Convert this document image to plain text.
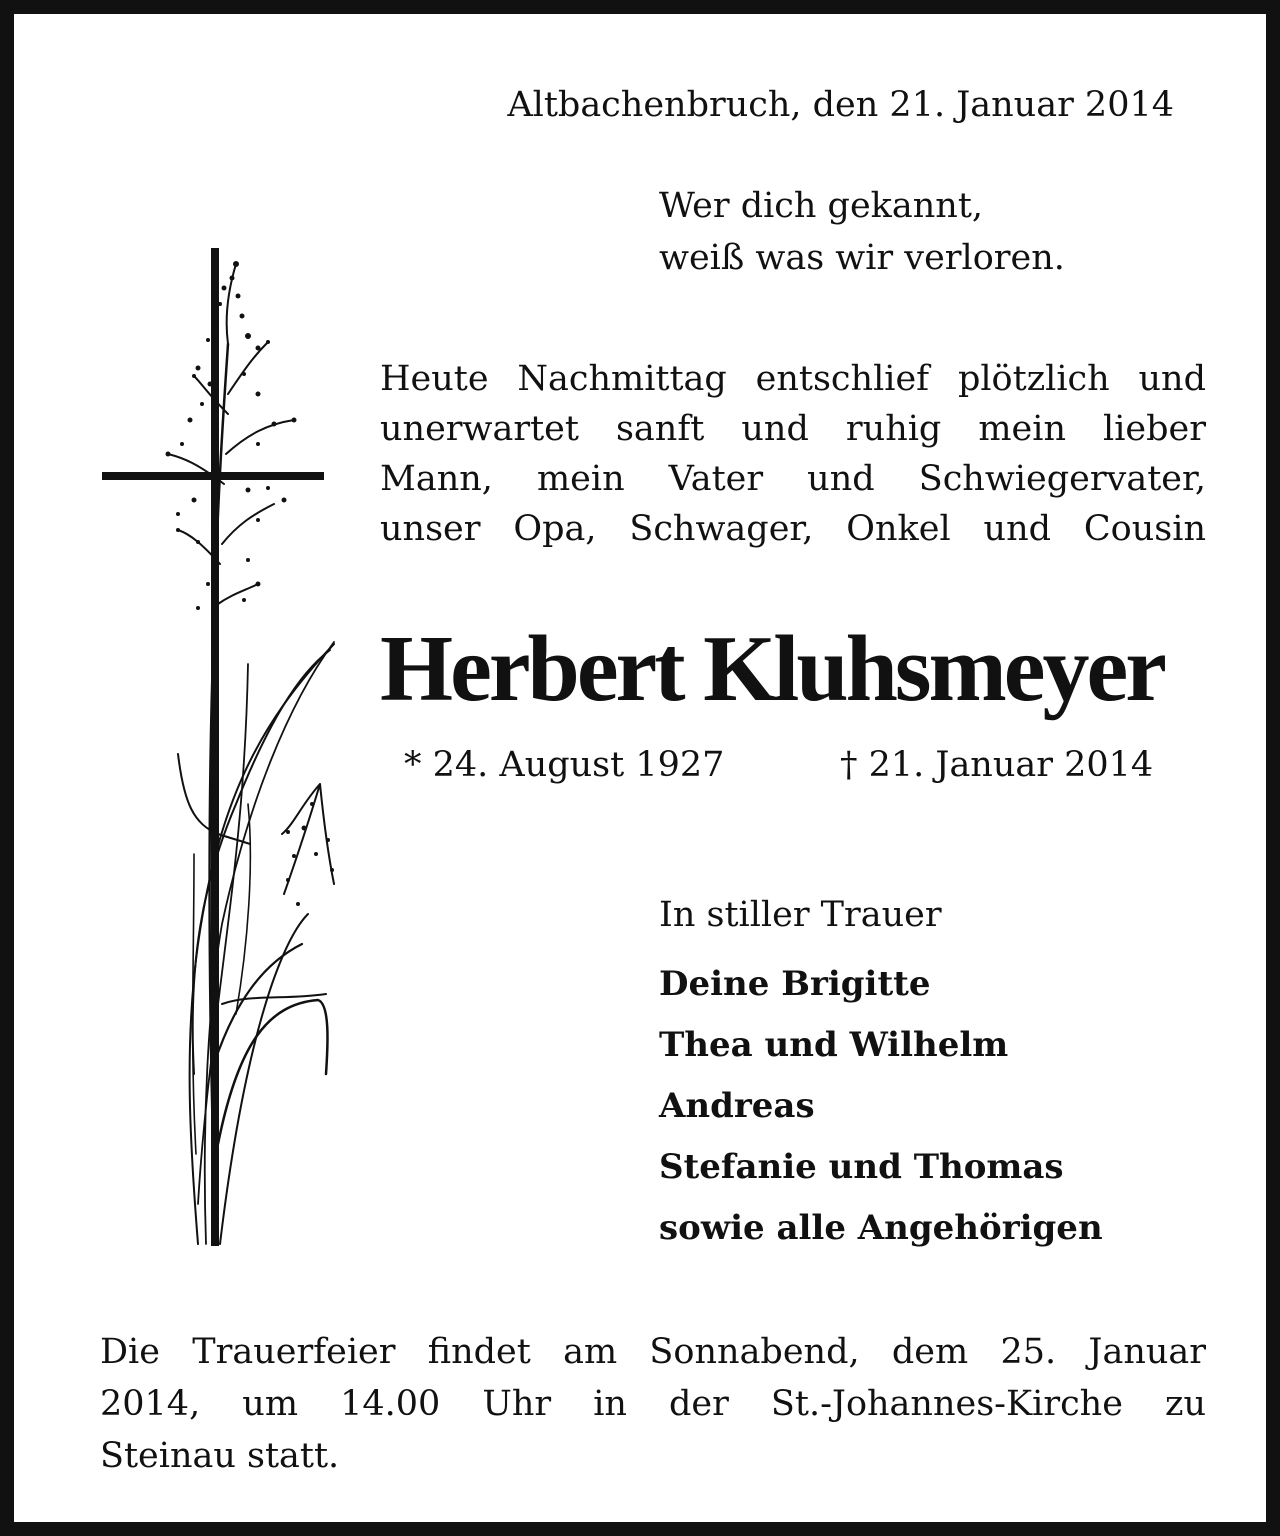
Altbachenbruch, den 21. Januar 2014

Wer dich gekannt,
weiß was wir verloren.
Heute Nachmittag entschlief plötzlich und
unerwartet sanft und ruhig mein lieber
Mann, mein Vater und Schwiegervater,
unser Opa, Schwager, Onkel und Cousin
Herbert Kluhsmeyer

* 24. August 1927	† 21. Januar 2014

In stiller Trauer

Deine Brigitte
Thea und Wilhelm
Andreas
Stefanie und Thomas
sowie alle Angehörigen
Die Trauerfeier findet am Sonnabend, dem 25. Januar
2014, um 14.00 Uhr in der St.-Johannes-Kirche zu
Steinau statt.
